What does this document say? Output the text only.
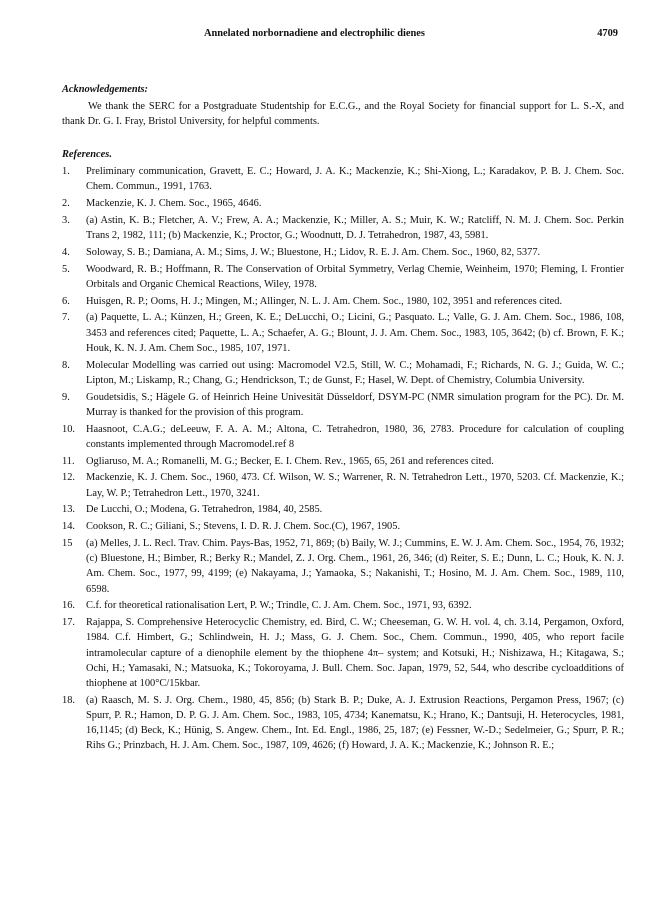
Annelated norbornadiene and electrophilic dienes	4709
Acknowledgements:
We thank the SERC for a Postgraduate Studentship for E.C.G., and the Royal Society for financial support for L. S.-X, and thank Dr. G. I. Fray, Bristol University, for helpful comments.
References.
1. Preliminary communication, Gravett, E. C.; Howard, J. A. K.; Mackenzie, K.; Shi-Xiong, L.; Karadakov, P. B. J. Chem. Soc. Chem. Commun., 1991, 1763.
2. Mackenzie, K. J. Chem. Soc., 1965, 4646.
3. (a) Astin, K. B.; Fletcher, A. V.; Frew, A. A.; Mackenzie, K.; Miller, A. S.; Muir, K. W.; Ratcliff, N. M. J. Chem. Soc. Perkin Trans 2, 1982, 111; (b) Mackenzie, K.; Proctor, G.; Woodnutt, D. J. Tetrahedron, 1987, 43, 5981.
4. Soloway, S. B.; Damiana, A. M.; Sims, J. W.; Bluestone, H.; Lidov, R. E. J. Am. Chem. Soc., 1960, 82, 5377.
5. Woodward, R. B.; Hoffmann, R. The Conservation of Orbital Symmetry, Verlag Chemie, Weinheim, 1970; Fleming, I. Frontier Orbitals and Organic Chemical Reactions, Wiley, 1978.
6. Huisgen, R. P.; Ooms, H. J.; Mingen, M.; Allinger, N. L. J. Am. Chem. Soc., 1980, 102, 3951 and references cited.
7. (a) Paquette, L. A.; Künzen, H.; Green, K. E.; DeLucchi, O.; Licini, G.; Pasquato. L.; Valle, G. J. Am. Chem. Soc., 1986, 108, 3453 and references cited; Paquette, L. A.; Schaefer, A. G.; Blount, J. J. Am. Chem. Soc., 1983, 105, 3642; (b) cf. Brown, F. K.; Houk, K. N. J. Am. Chem Soc., 1985, 107, 1971.
8. Molecular Modelling was carried out using: Macromodel V2.5, Still, W. C.; Mohamadi, F.; Richards, N. G. J.; Guida, W. C.; Lipton, M.; Liskamp, R.; Chang, G.; Hendrickson, T.; de Gunst, F.; Hasel, W. Dept. of Chemistry, Columbia University.
9. Goudetsidis, S.; Hägele G. of Heinrich Heine Univesität Düsseldorf, DSYM-PC (NMR simulation program for the PC). Dr. M. Murray is thanked for the provision of this program.
10. Haasnoot, C.A.G.; deLeeuw, F. A. A. M.; Altona, C. Tetrahedron, 1980, 36, 2783. Procedure for calculation of coupling constants implemented through Macromodel.ref 8
11. Ogliaruso, M. A.; Romanelli, M. G.; Becker, E. I. Chem. Rev., 1965, 65, 261 and references cited.
12. Mackenzie, K. J. Chem. Soc., 1960, 473. Cf. Wilson, W. S.; Warrener, R. N. Tetrahedron Lett., 1970, 5203. Cf. Mackenzie, K.; Lay, W. P.; Tetrahedron Lett., 1970, 3241.
13. De Lucchi, O.; Modena, G. Tetrahedron, 1984, 40, 2585.
14. Cookson, R. C.; Giliani, S.; Stevens, I. D. R. J. Chem. Soc.(C), 1967, 1905.
15 (a) Melles, J. L. Recl. Trav. Chim. Pays-Bas, 1952, 71, 869; (b) Baily, W. J.; Cummins, E. W. J. Am. Chem. Soc., 1954, 76, 1932; (c) Bluestone, H.; Bimber, R.; Berky R.; Mandel, Z. J. Org. Chem., 1961, 26, 346; (d) Reiter, S. E.; Dunn, L. C.; Houk, K. N. J. Am. Chem. Soc., 1977, 99, 4199; (e) Nakayama, J.; Yamaoka, S.; Nakanishi, T.; Hosino, M. J. Am. Chem. Soc., 1989, 110, 6598.
16. C.f. for theoretical rationalisation Lert, P. W.; Trindle, C. J. Am. Chem. Soc., 1971, 93, 6392.
17. Rajappa, S. Comprehensive Heterocyclic Chemistry, ed. Bird, C. W.; Cheeseman, G. W. H. vol. 4, ch. 3.14, Pergamon, Oxford, 1984. C.f. Himbert, G.; Schlindwein, H. J.; Mass, G. J. Chem. Soc., Chem. Commun., 1990, 405, who report facile intramolecular capture of a dienophile element by the thiophene 4π– system; and Kotsuki, H.; Nishizawa, H.; Kitagawa, S.; Ochi, H.; Yamasaki, N.; Matsuoka, K.; Tokoroyama, J. Bull. Chem. Soc. Japan, 1979, 52, 544, who describe cycloadditions of thiophene at 100°C/15kbar.
18. (a) Raasch, M. S. J. Org. Chem., 1980, 45, 856; (b) Stark B. P.; Duke, A. J. Extrusion Reactions, Pergamon Press, 1967; (c) Spurr, P. R.; Hamon, D. P. G. J. Am. Chem. Soc., 1983, 105, 4734; Kanematsu, K.; Hrano, K.; Dantsuji, H. Heterocycles, 1981, 16,1145; (d) Beck, K.; Hünig, S. Angew. Chem., Int. Ed. Engl., 1986, 25, 187; (e) Fessner, W.-D.; Sedelmeier, G.; Spurr, P. R.; Rihs G.; Prinzbach, H. J. Am. Chem. Soc., 1987, 109, 4626; (f) Howard, J. A. K.; Mackenzie, K.; Johnson R. E.;
